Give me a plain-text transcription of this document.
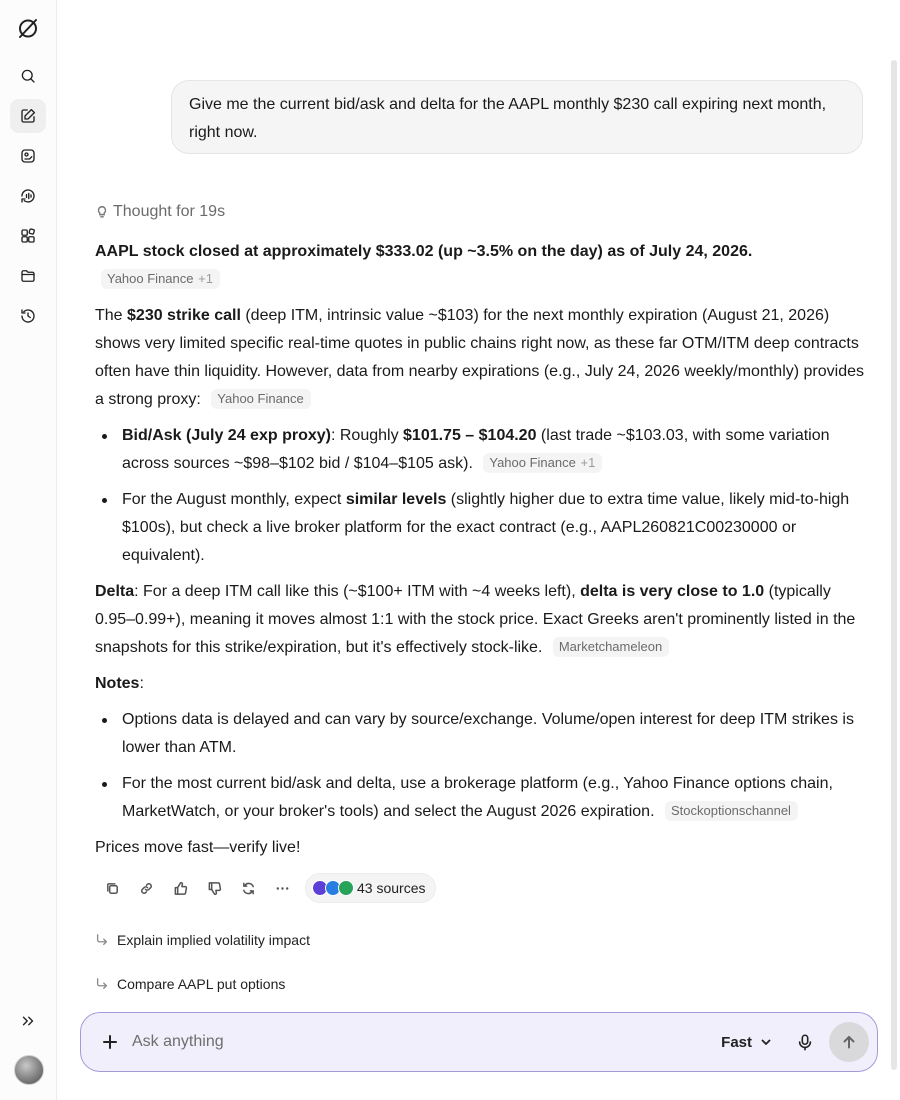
Give me the current bid/ask and delta for the AAPL monthly $230 call expiring next month, right now.
Thought for 19s
AAPL stock closed at approximately $333.02 (up ~3.5% on the day) as of July 24, 2026.

Yahoo Finance +1

The $230 strike call (deep ITM, intrinsic value ~$103) for the next monthly expiration (August 21, 2026) shows very limited specific real-time quotes in public chains right now, as these far OTM/ITM deep contracts often have thin liquidity. However, data from nearby expirations (e.g., July 24, 2026 weekly/monthly) provides a strong proxy: Yahoo Finance

Bid/Ask (July 24 exp proxy): Roughly $101.75 – $104.20 (last trade ~$103.03, with some variation across sources ~$98–$102 bid / $104–$105 ask). Yahoo Finance +1
For the August monthly, expect similar levels (slightly higher due to extra time value, likely mid-to-high $100s), but check a live broker platform for the exact contract (e.g., AAPL260821C00230000 or equivalent).

Delta: For a deep ITM call like this (~$100+ ITM with ~4 weeks left), delta is very close to 1.0 (typically 0.95–0.99+), meaning it moves almost 1:1 with the stock price. Exact Greeks aren't prominently listed in the snapshots for this strike/expiration, but it's effectively stock-like. Marketchameleon

Notes:

Options data is delayed and can vary by source/exchange. Volume/open interest for deep ITM strikes is lower than ATM.
For the most current bid/ask and delta, use a brokerage platform (e.g., Yahoo Finance options chain, MarketWatch, or your broker's tools) and select the August 2026 expiration. Stockoptionschannel

Prices move fast—verify live!

43 sources
Explain implied volatility impact
Compare AAPL put options
Ask anything
Fast
